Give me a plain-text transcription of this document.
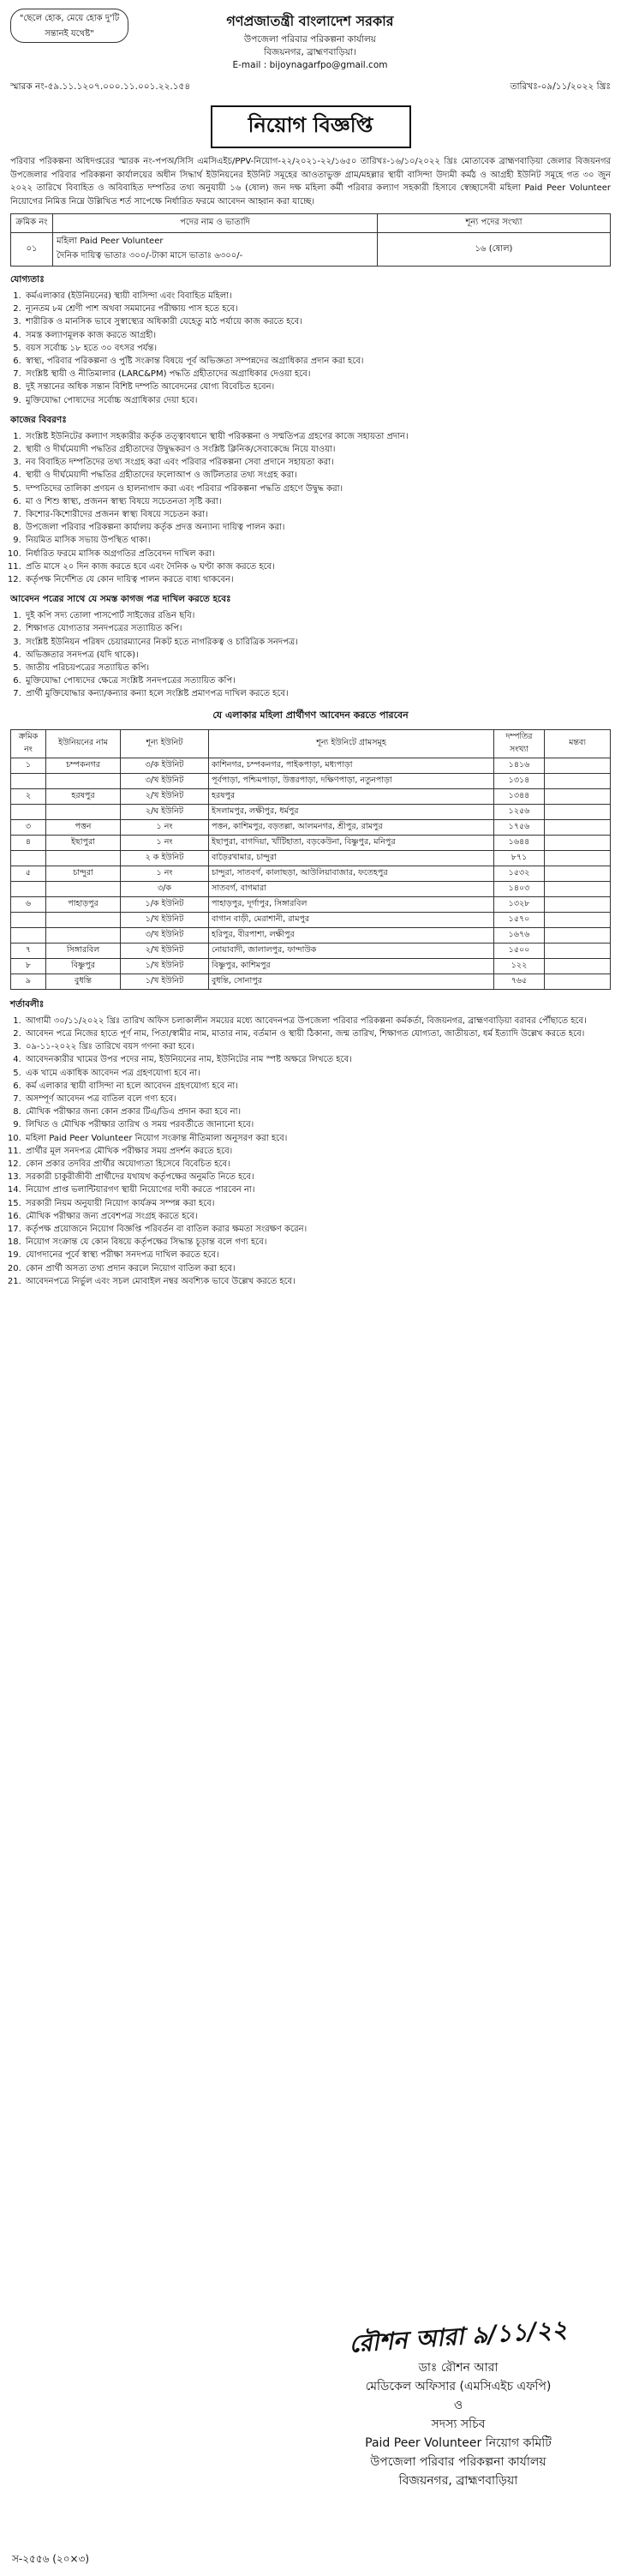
"ছেলে হোক, মেয়ে হোক দু'টি সন্তানই যথেষ্ট"
গণপ্রজাতন্ত্রী বাংলাদেশ সরকার
উপজেলা পরিবার পরিকল্পনা কার্যালয়
বিজয়নগর, ব্রাহ্মণবাড়িয়া।
E-mail : bijoynagarfpo@gmail.com
স্মারক নং-৫৯.১১.১২০৭.০০০.১১.০০১.২২.১৫৪	তারিখঃ-০৯/১১/২০২২ খ্রিঃ
নিয়োগ বিজ্ঞপ্তি

পরিবার পরিকল্পনা অধিদপ্তরের স্মারক নং-পপঅ/সিসি এমসিএইচ/PPV-নিয়োগ-২২/২০২১-২২/১৬৫০ তারিখঃ-১৬/১০/২০২২ খ্রিঃ মোতাবেক ব্রাহ্মণবাড়িয়া জেলার বিজয়নগর উপজেলার পরিবার পরিকল্পনা কার্যালয়ের অধীন সিদ্ধার্থ ইউনিয়নের ইউনিট সমূহের আওতাভুক্ত গ্রাম/মহল্লার স্থায়ী বাসিন্দা উদ্যমী কর্মঠ ও আগ্রহী ইউনিট সমূহে গত ৩০ জুন ২০২২ তারিখে বিবাহিত ও অবিবাহিত দম্পতির তথ্য অনুযায়ী ১৬ (ষোল) জন দক্ষ মহিলা কর্মী পরিবার কল্যাণ সহকারী হিসাবে স্বেচ্ছাসেবী মহিলা Paid Peer Volunteer নিয়োগের নিমিত্ত নিম্নে উল্লিখিত শর্ত সাপেক্ষে নির্ধারিত ফরমে আবেদন আহ্বান করা যাচ্ছে।

ক্রমিক নং	পদের নাম ও ভাতাদি	শূন্য পদের সংখ্যা
০১	মহিলা Paid Peer Volunteer
দৈনিক দায়িত্ব ভাতাঃ ৩০০/-টাকা মাসে ভাতাঃ ৬৩০০/-	১৬ (ষোল)
যোগ্যতাঃ
1. কর্মএলাকার (ইউনিয়নের) স্থায়ী বাসিন্দা এবং বিবাহিত মহিলা।
2. ন্যূনতম ৮ম শ্রেণী পাশ অথবা সমমানের পরীক্ষায় পাস হতে হবে।
3. শারীরিক ও মানসিক ভাবে সুস্বাস্থ্যের অধিকারী যেহেতু মাঠ পর্যায়ে কাজ করতে হবে।
4. সমস্ত কল্যাণমূলক কাজ করতে আগ্রহী।
5. বয়স সর্বোচ্চ ১৮ হতে ৩০ বৎসর পর্যন্ত।
6. স্বাস্থ্য, পরিবার পরিকল্পনা ও পুষ্টি সংক্রান্ত বিষয়ে পূর্ব অভিজ্ঞতা সম্পন্নদের অগ্রাধিকার প্রদান করা হবে।
7. সংশ্লিষ্ট স্থায়ী ও নীতিমালার (LARC&PM) পদ্ধতি গ্রহীতাদের অগ্রাধিকার দেওয়া হবে।
8. দুই সন্তানের অধিক সন্তান বিশিষ্ট দম্পতি আবেদনের যোগ্য বিবেচিত হবেন।
9. মুক্তিযোদ্ধা পোষ্যদের সর্বোচ্চ অগ্রাধিকার দেয়া হবে।
কাজের বিবরণঃ
1. সংশ্লিষ্ট ইউনিটের কল্যাণ সহকারীর কর্তৃক তত্ত্বাবধানে স্থায়ী পরিকল্পনা ও সম্মতিপত্র গ্রহণের কাজে সহায়তা প্রদান।
2. স্থায়ী ও দীর্ঘমেয়াদী পদ্ধতির গ্রহীতাদের উদ্বুদ্ধকরণ ও সংশ্লিষ্ট ক্লিনিক/সেবাকেন্দ্রে নিয়ে যাওয়া।
3. নব বিবাহিত দম্পতিদের তথ্য সংগ্রহ করা এবং পরিবার পরিকল্পনা সেবা প্রদানে সহায়তা করা।
4. স্থায়ী ও দীর্ঘমেয়াদী পদ্ধতির গ্রহীতাদের ফলোআপ ও জটিলতার তথ্য সংগ্রহ করা।
5. দম্পতিদের তালিকা প্রণয়ন ও হালনাগাদ করা এবং পরিবার পরিকল্পনা পদ্ধতি গ্রহণে উদ্বুদ্ধ করা।
6. মা ও শিশু স্বাস্থ্য, প্রজনন স্বাস্থ্য বিষয়ে সচেতনতা সৃষ্টি করা।
7. কিশোর-কিশোরীদের প্রজনন স্বাস্থ্য বিষয়ে সচেতন করা।
8. উপজেলা পরিবার পরিকল্পনা কার্যালয় কর্তৃক প্রদত্ত অন্যান্য দায়িত্ব পালন করা।
9. নিয়মিত মাসিক সভায় উপস্থিত থাকা।
10. নির্ধারিত ফরমে মাসিক অগ্রগতির প্রতিবেদন দাখিল করা।
11. প্রতি মাসে ২০ দিন কাজ করতে হবে এবং দৈনিক ৬ ঘণ্টা কাজ করতে হবে।
12. কর্তৃপক্ষ নির্দেশিত যে কোন দায়িত্ব পালন করতে বাধ্য থাকবেন।
আবেদন পত্রের সাথে যে সমস্ত কাগজ পত্র দাখিল করতে হবেঃ
1. দুই কপি সদ্য তোলা পাসপোর্ট সাইজের রঙিন ছবি।
2. শিক্ষাগত যোগ্যতার সনদপত্রের সত্যায়িত কপি।
3. সংশ্লিষ্ট ইউনিয়ন পরিষদ চেয়ারম্যানের নিকট হতে নাগরিকত্ব ও চারিত্রিক সনদপত্র।
4. অভিজ্ঞতার সনদপত্র (যদি থাকে)।
5. জাতীয় পরিচয়পত্রের সত্যায়িত কপি।
6. মুক্তিযোদ্ধা পোষ্যদের ক্ষেত্রে সংশ্লিষ্ট সনদপত্রের সত্যায়িত কপি।
7. প্রার্থী মুক্তিযোদ্ধার কন্যা/কন্যার কন্যা হলে সংশ্লিষ্ট প্রমাণপত্র দাখিল করতে হবে।
যে এলাকার মহিলা প্রার্থীগণ আবেদন করতে পারবেন
ক্রমিক নং	ইউনিয়নের নাম	শূন্য ইউনিট	শূন্য ইউনিটে গ্রামসমূহ	দম্পতির সংখ্যা	মন্তব্য
১	চম্পকনগর	৩/ক ইউনিট	কাশিনগর, চম্পকনগর, পাইকপাড়া, মধ্যপাড়া	১৪১৬	
		৩/খ ইউনিট	পূর্বপাড়া, পশ্চিমপাড়া, উত্তরপাড়া, দক্ষিণপাড়া, নতুনপাড়া	১৩১৪	
২	হরষপুর	২/খ ইউনিট	হরষপুর	১৩৪৪	
		২/ঘ ইউনিট	ইসলামপুর, লক্ষীপুর, ধর্মপুর	১২৫৬	
৩	পত্তন	১ নং	পত্তন, কাশিমপুর, বড়তল্লা, আলমনগর, শ্রীপুর, রামপুর	১৭৫৬	
৪	ইছাপুরা	১ নং	ইছাপুরা, বাগদিয়া, খাঁটিহাতা, বড়কেউনা, বিষ্ণুপুর, মনিপুর	১৬৪৪	
		২ ক ইউনিট	বাড়ৈরখামার, চান্দুরা	৮৭১	
৫	চান্দুরা	১ নং	চান্দুরা, সাতবর্গ, কালাছড়া, আউলিয়াবাজার, ফতেহপুর	১৫৩২	
		৩/ক	সাতবর্গ, বাগমারা	১৪০৩	
৬	পাহাড়পুর	১/ক ইউনিট	পাহাড়পুর, দূর্গাপুর, সিঙ্গারবিল	১৩২৮	
		১/খ ইউনিট	বাগান বাড়ী, মেরাশানী, রামপুর	১৫৭০	
		৩/খ ইউনিট	হরিপুর, বীরপাশা, লক্ষীপুর	১৬৭৬	
৭	সিঙ্গারবিল	২/খ ইউনিট	নোয়াবাদী, জালালপুর, ফান্দাউক	১৫০০	
৮	বিষ্ণুপুর	১/খ ইউনিট	বিষ্ণুপুর, কাশিমপুর	১২২	
৯	বুধন্তি	১/খ ইউনিট	বুধন্তি, সোনাপুর	৭৬৫	
শর্তাবলীঃ
1. আগামী ৩০/১১/২০২২ খ্রিঃ তারিখ অফিস চলাকালীন সময়ের মধ্যে আবেদনপত্র উপজেলা পরিবার পরিকল্পনা কর্মকর্তা, বিজয়নগর, ব্রাহ্মণবাড়িয়া বরাবর পৌঁছাতে হবে।
2. আবেদন পত্রে নিজের হাতে পূর্ণ নাম, পিতা/স্বামীর নাম, মাতার নাম, বর্তমান ও স্থায়ী ঠিকানা, জন্ম তারিখ, শিক্ষাগত যোগ্যতা, জাতীয়তা, ধর্ম ইত্যাদি উল্লেখ করতে হবে।
3. ০৯-১১-২০২২ খ্রিঃ তারিখে বয়স গণনা করা হবে।
4. আবেদনকারীর খামের উপর পদের নাম, ইউনিয়নের নাম, ইউনিটের নাম স্পষ্ট অক্ষরে লিখতে হবে।
5. এক খামে একাধিক আবেদন পত্র গ্রহণযোগ্য হবে না।
6. কর্ম এলাকার স্থায়ী বাসিন্দা না হলে আবেদন গ্রহণযোগ্য হবে না।
7. অসম্পূর্ণ আবেদন পত্র বাতিল বলে গণ্য হবে।
8. মৌখিক পরীক্ষার জন্য কোন প্রকার টিএ/ডিএ প্রদান করা হবে না।
9. লিখিত ও মৌখিক পরীক্ষার তারিখ ও সময় পরবর্তীতে জানানো হবে।
10. মহিলা Paid Peer Volunteer নিয়োগ সংক্রান্ত নীতিমালা অনুসরণ করা হবে।
11. প্রার্থীর মূল সনদপত্র মৌখিক পরীক্ষার সময় প্রদর্শন করতে হবে।
12. কোন প্রকার তদবির প্রার্থীর অযোগ্যতা হিসেবে বিবেচিত হবে।
13. সরকারী চাকুরীজীবী প্রার্থীদের যথাযথ কর্তৃপক্ষের অনুমতি নিতে হবে।
14. নিয়োগ প্রাপ্ত ভলান্টিয়ারগণ স্থায়ী নিয়োগের দাবী করতে পারবেন না।
15. সরকারী নিয়ম অনুযায়ী নিয়োগ কার্যক্রম সম্পন্ন করা হবে।
16. মৌখিক পরীক্ষার জন্য প্রবেশপত্র সংগ্রহ করতে হবে।
17. কর্তৃপক্ষ প্রয়োজনে নিয়োগ বিজ্ঞপ্তি পরিবর্তন বা বাতিল করার ক্ষমতা সংরক্ষণ করেন।
18. নিয়োগ সংক্রান্ত যে কোন বিষয়ে কর্তৃপক্ষের সিদ্ধান্ত চূড়ান্ত বলে গণ্য হবে।
19. যোগদানের পূর্বে স্বাস্থ্য পরীক্ষা সনদপত্র দাখিল করতে হবে।
20. কোন প্রার্থী অসত্য তথ্য প্রদান করলে নিয়োগ বাতিল করা হবে।
21. আবেদনপত্রে নির্ভুল এবং সচল মোবাইল নম্বর অবশ্যিক ভাবে উল্লেখ করতে হবে।
রৌশন আরা ৯/১১/২২
ডাঃ রৌশন আরা
মেডিকেল অফিসার (এমসিএইচ এফপি)
ও
সদস্য সচিব
Paid Peer Volunteer নিয়োগ কমিটি
উপজেলা পরিবার পরিকল্পনা কার্যালয়
বিজয়নগর, ব্রাহ্মণবাড়িয়া
স-২৫৫৬ (২০×৩)
